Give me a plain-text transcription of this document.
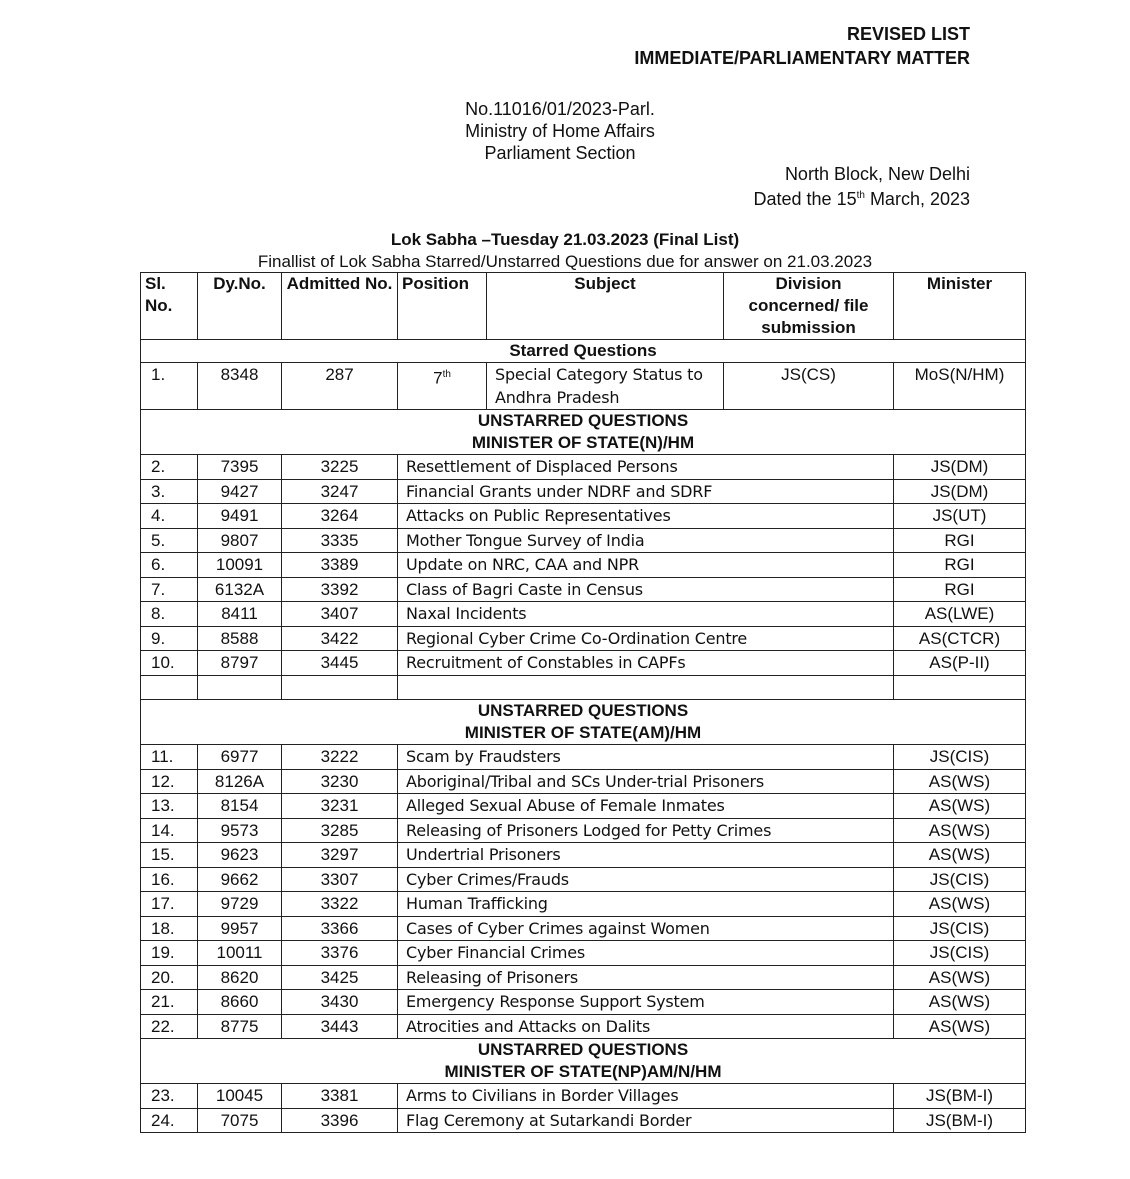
REVISED LIST
IMMEDIATE/PARLIAMENTARY MATTER
No.11016/01/2023-Parl.
Ministry of Home Affairs
Parliament Section
North Block, New Delhi
Dated the 15th March, 2023
Lok Sabha –Tuesday 21.03.2023 (Final List)
Finallist of Lok Sabha Starred/Unstarred Questions due for answer on 21.03.2023
Sl. No.	Dy.No.	Admitted No.	Position	Subject	Division concerned/ file submission	Minister
Starred Questions						
1.	8348	287	7th	Special Category Status to Andhra Pradesh	JS(CS)	MoS(N/HM)

UNSTARRED QUESTIONS
MINISTER OF STATE(N)/HM						

2.	7395	3225	Resettlement of Displaced Persons			JS(DM)
3.	9427	3247	Financial Grants under NDRF and SDRF			JS(DM)
4.	9491	3264	Attacks on Public Representatives			JS(UT)
5.	9807	3335	Mother Tongue Survey of India			RGI
6.	10091	3389	Update on NRC, CAA and NPR			RGI
7.	6132A	3392	Class of Bagri Caste in Census			RGI
8.	8411	3407	Naxal Incidents			AS(LWE)
9.	8588	3422	Regional Cyber Crime Co-Ordination Centre			AS(CTCR)
10.	8797	3445	Recruitment of Constables in CAPFs			AS(P-II)

UNSTARRED QUESTIONS
MINISTER OF STATE(AM)/HM						

11.	6977	3222	Scam by Fraudsters			JS(CIS)
12.	8126A	3230	Aboriginal/Tribal and SCs Under-trial Prisoners			AS(WS)
13.	8154	3231	Alleged Sexual Abuse of Female Inmates			AS(WS)
14.	9573	3285	Releasing of Prisoners Lodged for Petty Crimes			AS(WS)
15.	9623	3297	Undertrial Prisoners			AS(WS)
16.	9662	3307	Cyber Crimes/Frauds			JS(CIS)
17.	9729	3322	Human Trafficking			AS(WS)
18.	9957	3366	Cases of Cyber Crimes against Women			JS(CIS)
19.	10011	3376	Cyber Financial Crimes			JS(CIS)
20.	8620	3425	Releasing of Prisoners			AS(WS)
21.	8660	3430	Emergency Response Support System			AS(WS)
22.	8775	3443	Atrocities and Attacks on Dalits			AS(WS)

UNSTARRED QUESTIONS
MINISTER OF STATE(NP)AM/N/HM						

23.	10045	3381	Arms to Civilians in Border Villages			JS(BM-I)
24.	7075	3396	Flag Ceremony at Sutarkandi Border			JS(BM-I)
